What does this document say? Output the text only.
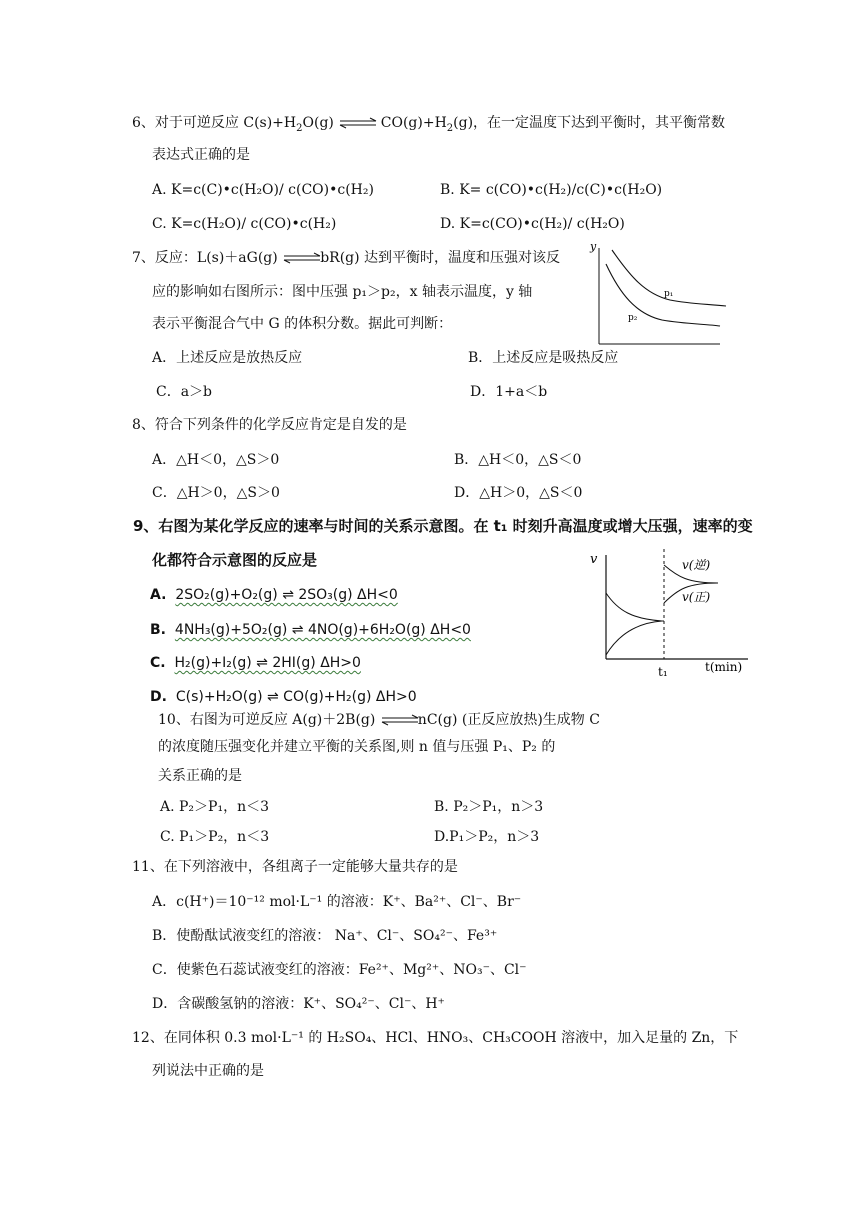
6、对于可逆反应 $C(s)+H_2O(g)$ ⇌ $CO(g)+H_2(g)$，在一定温度下达到平衡时，其平衡常数
表达式正确的是
A. K=c(C)•c(H₂O)/ c(CO)•c(H₂)	B. K= c(CO)•c(H₂)/c(C)•c(H₂O)
C. K=c(H₂O)/ c(CO)•c(H₂)	D. K=c(CO)•c(H₂)/ c(H₂O)
7、反应：L(s)＋aG(g) ⇌bR(g) 达到平衡时，温度和压强对该反
应的影响如右图所示：图中压强 p₁＞p₂，x 轴表示温度，y 轴
表示平衡混合气中 G 的体积分数。据此可判断：
A．上述反应是放热反应	B．上述反应是吸热反应
C．a＞b	D．1+a＜b
y
p₁
p₂
8、符合下列条件的化学反应肯定是自发的是
A．△H＜0，△S＞0	B．△H＜0，△S＜0
C．△H＞0，△S＞0	D．△H＞0，△S＜0
9、右图为某化学反应的速率与时间的关系示意图。在 t₁ 时刻升高温度或增大压强，速率的变
化都符合示意图的反应是
A. 2SO₂(g)+O₂(g) ⇌ 2SO₃(g) ΔH<0
B. 4NH₃(g)+5O₂(g) ⇌ 4NO(g)+6H₂O(g) ΔH<0
C. H₂(g)+I₂(g) ⇌ 2HI(g) ΔH>0
D. C(s)+H₂O(g) ⇌ CO(g)+H₂(g) ΔH>0
v	v(逆)
v(正)
t₁	t(min)
10、右图为可逆反应 A(g)＋2B(g) ⇌nC(g) (正反应放热)生成物 C
的浓度随压强变化并建立平衡的关系图,则 n 值与压强 P₁、P₂ 的
关系正确的是
A. P₂＞P₁，n＜3	B. P₂＞P₁，n＞3
C. P₁＞P₂，n＜3	D.P₁＞P₂，n＞3
11、在下列溶液中，各组离子一定能够大量共存的是
A．c(H⁺)＝10⁻¹² mol·L⁻¹ 的溶液：K⁺、Ba²⁺、Cl⁻、Br⁻
B．使酚酞试液变红的溶液： Na⁺、Cl⁻、SO₄²⁻、Fe³⁺
C．使紫色石蕊试液变红的溶液：Fe²⁺、Mg²⁺、NO₃⁻、Cl⁻
D．含碳酸氢钠的溶液：K⁺、SO₄²⁻、Cl⁻、H⁺
12、在同体积 0.3 mol·L⁻¹ 的 H₂SO₄、HCl、HNO₃、CH₃COOH 溶液中，加入足量的 Zn，下
列说法中正确的是
